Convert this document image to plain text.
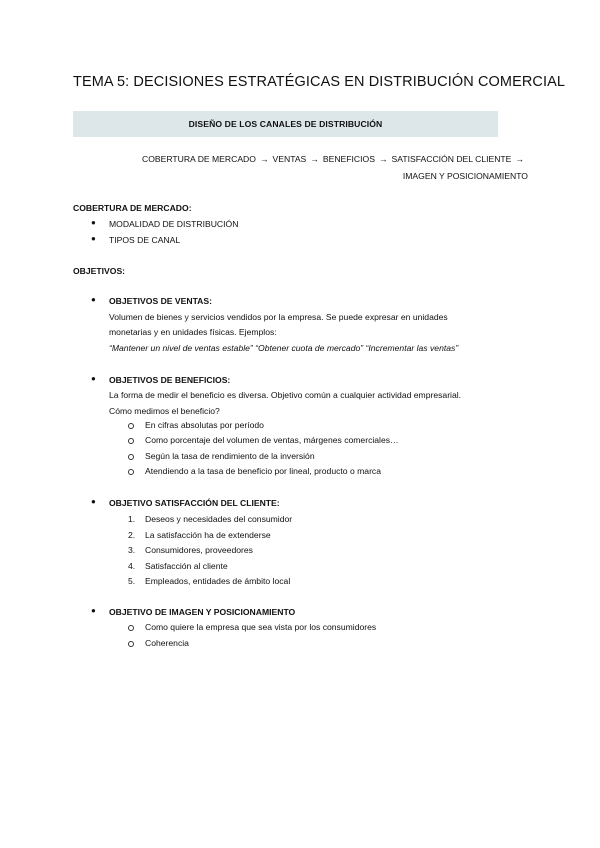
TEMA 5: DECISIONES ESTRATÉGICAS EN DISTRIBUCIÓN COMERCIAL
DISEÑO DE LOS CANALES DE DISTRIBUCIÓN
COBERTURA DE MERCADO → VENTAS → BENEFICIOS → SATISFACCIÓN DEL CLIENTE →
IMAGEN Y POSICIONAMIENTO
COBERTURA DE MERCADO:
● MODALIDAD DE DISTRIBUCIÓN
● TIPOS DE CANAL
OBJETIVOS:
● OBJETIVOS DE VENTAS:
Volumen de bienes y servicios vendidos por la empresa. Se puede expresar en unidades
monetarias y en unidades físicas. Ejemplos:
“Mantener un nivel de ventas estable” “Obtener cuota de mercado” “Incrementar las ventas”
● OBJETIVOS DE BENEFICIOS:
La forma de medir el beneficio es diversa. Objetivo común a cualquier actividad empresarial.
Cómo medimos el beneficio?
En cifras absolutas por período
Como porcentaje del volumen de ventas, márgenes comerciales…
Según la tasa de rendimiento de la inversión
Atendiendo a la tasa de beneficio por lineal, producto o marca
● OBJETIVO SATISFACCIÓN DEL CLIENTE:
1. Deseos y necesidades del consumidor
2. La satisfacción ha de extenderse
3. Consumidores, proveedores
4. Satisfacción al cliente
5. Empleados, entidades de ámbito local
● OBJETIVO DE IMAGEN Y POSICIONAMIENTO
Como quiere la empresa que sea vista por los consumidores
Coherencia
